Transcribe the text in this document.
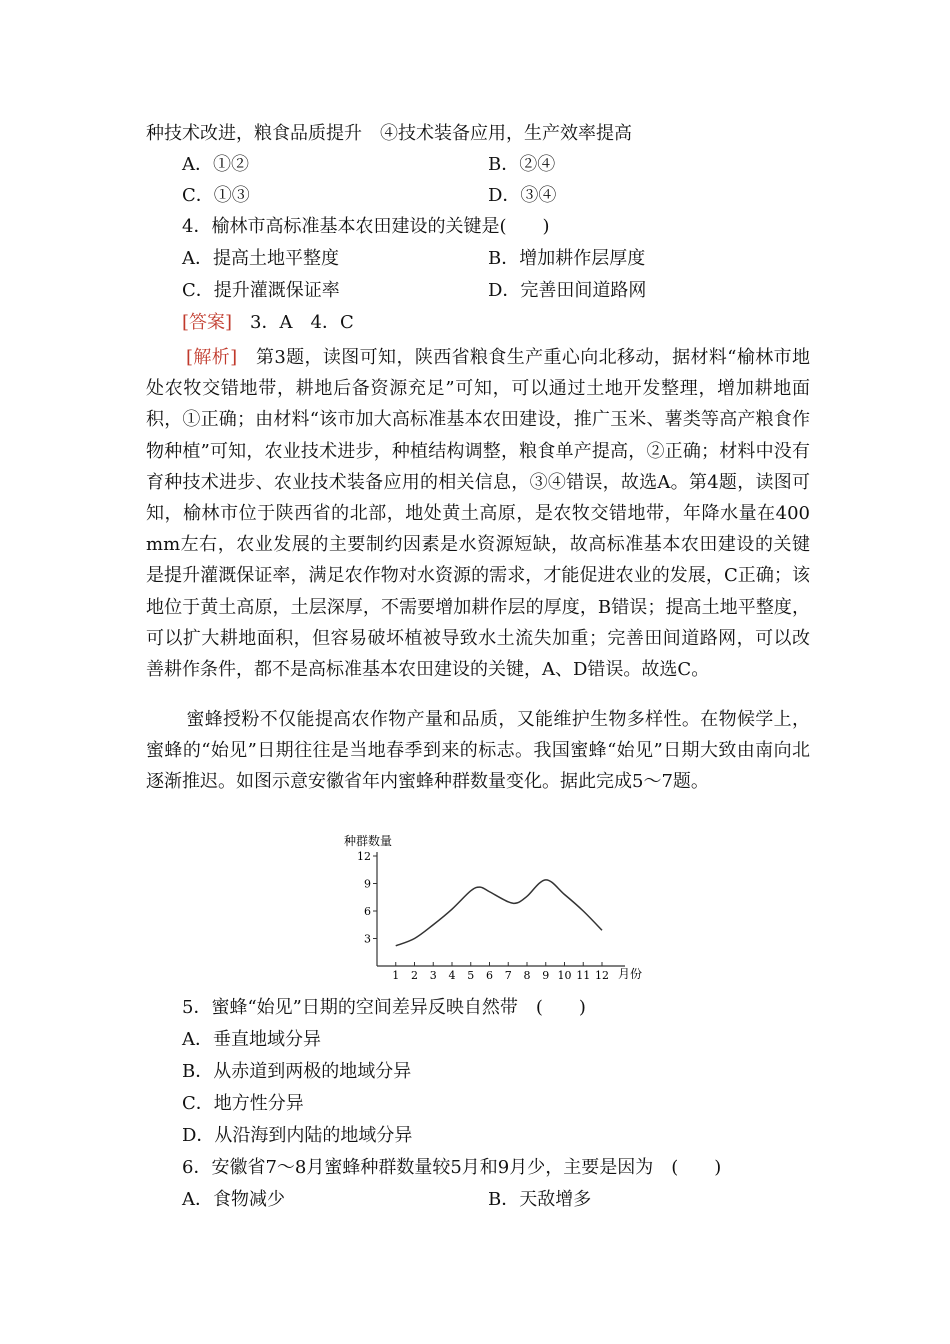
种技术改进，粮食品质提升　④技术装备应用，生产效率提高
A．①②	B．②④
C．①③	D．③④
4．榆林市高标准基本农田建设的关键是(　　)
A．提高土地平整度	B．增加耕作层厚度
C．提升灌溉保证率	D．完善田间道路网
[答案]　3．A　4．C
[解析]　第3题，读图可知，陕西省粮食生产重心向北移动，据材料“榆林市地处农牧交错地带，耕地后备资源充足”可知，可以通过土地开发整理，增加耕地面积，①正确；由材料“该市加大高标准基本农田建设，推广玉米、薯类等高产粮食作物种植”可知，农业技术进步，种植结构调整，粮食单产提高，②正确；材料中没有育种技术进步、农业技术装备应用的相关信息，③④错误，故选A。第4题，读图可知，榆林市位于陕西省的北部，地处黄土高原，是农牧交错地带，年降水量在400 mm左右，农业发展的主要制约因素是水资源短缺，故高标准基本农田建设的关键是提升灌溉保证率，满足农作物对水资源的需求，才能促进农业的发展，C正确；该地位于黄土高原，土层深厚，不需要增加耕作层的厚度，B错误；提高土地平整度，可以扩大耕地面积，但容易破坏植被导致水土流失加重；完善田间道路网，可以改善耕作条件，都不是高标准基本农田建设的关键，A、D错误。故选C。
蜜蜂授粉不仅能提高农作物产量和品质，又能维护生物多样性。在物候学上，蜜蜂的“始见”日期往往是当地春季到来的标志。我国蜜蜂“始见”日期大致由南向北逐渐推迟。如图示意安徽省年内蜜蜂种群数量变化。据此完成5～7题。
种群数量
月份
3
6
9
12
1 2 3 4 5 6 7 8 9 10 11 12
5．蜜蜂“始见”日期的空间差异反映自然带　(　　)
A．垂直地域分异
B．从赤道到两极的地域分异
C．地方性分异
D．从沿海到内陆的地域分异
6．安徽省7～8月蜜蜂种群数量较5月和9月少，主要是因为　(　　)
A．食物减少	B．天敌增多
